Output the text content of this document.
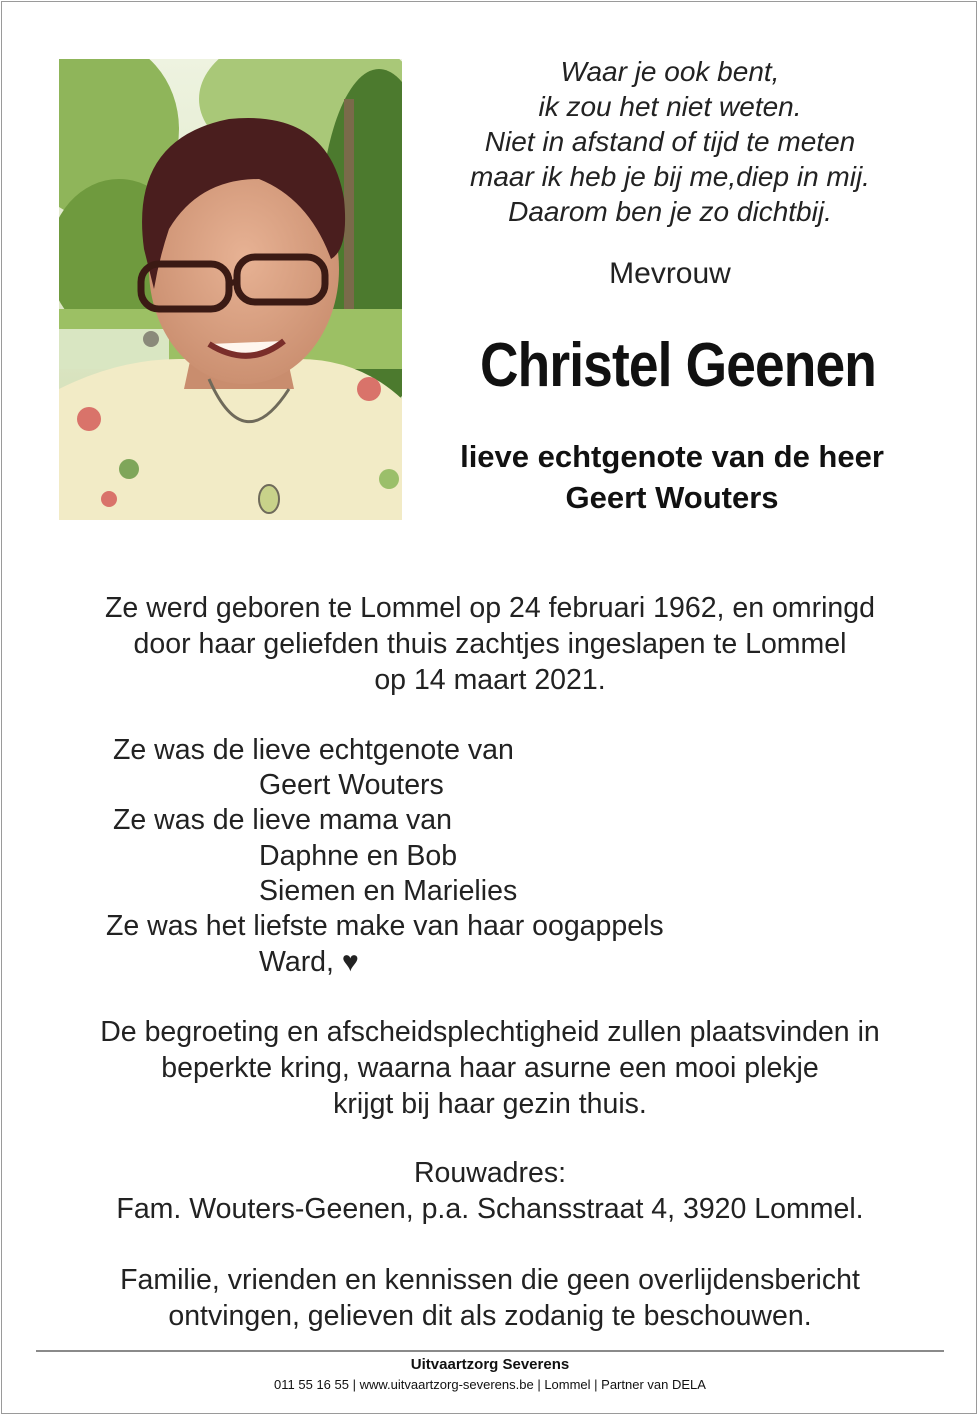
Waar je ook bent,
ik zou het niet weten.
Niet in afstand of tijd te meten
maar ik heb je bij me,diep in mij.
Daarom ben je zo dichtbij.
Mevrouw
Christel Geenen
lieve echtgenote van de heer
Geert Wouters
Ze werd geboren te Lommel op 24 februari 1962, en omringd
door haar geliefden thuis zachtjes ingeslapen te Lommel
op 14 maart 2021.
Ze was de lieve echtgenote van
Geert Wouters
Ze was de lieve mama van
Daphne en Bob
Siemen en Marielies
Ze was het liefste make van haar oogappels
Ward, ♥
De begroeting en afscheidsplechtigheid zullen plaatsvinden in
beperkte kring, waarna haar asurne een mooi plekje
krijgt bij haar gezin thuis.
Rouwadres:
Fam. Wouters-Geenen, p.a. Schansstraat 4, 3920 Lommel.
Familie, vrienden en kennissen die geen overlijdensbericht
ontvingen, gelieven dit als zodanig te beschouwen.
Uitvaartzorg Severens
011 55 16 55 | www.uitvaartzorg-severens.be | Lommel | Partner van DELA
